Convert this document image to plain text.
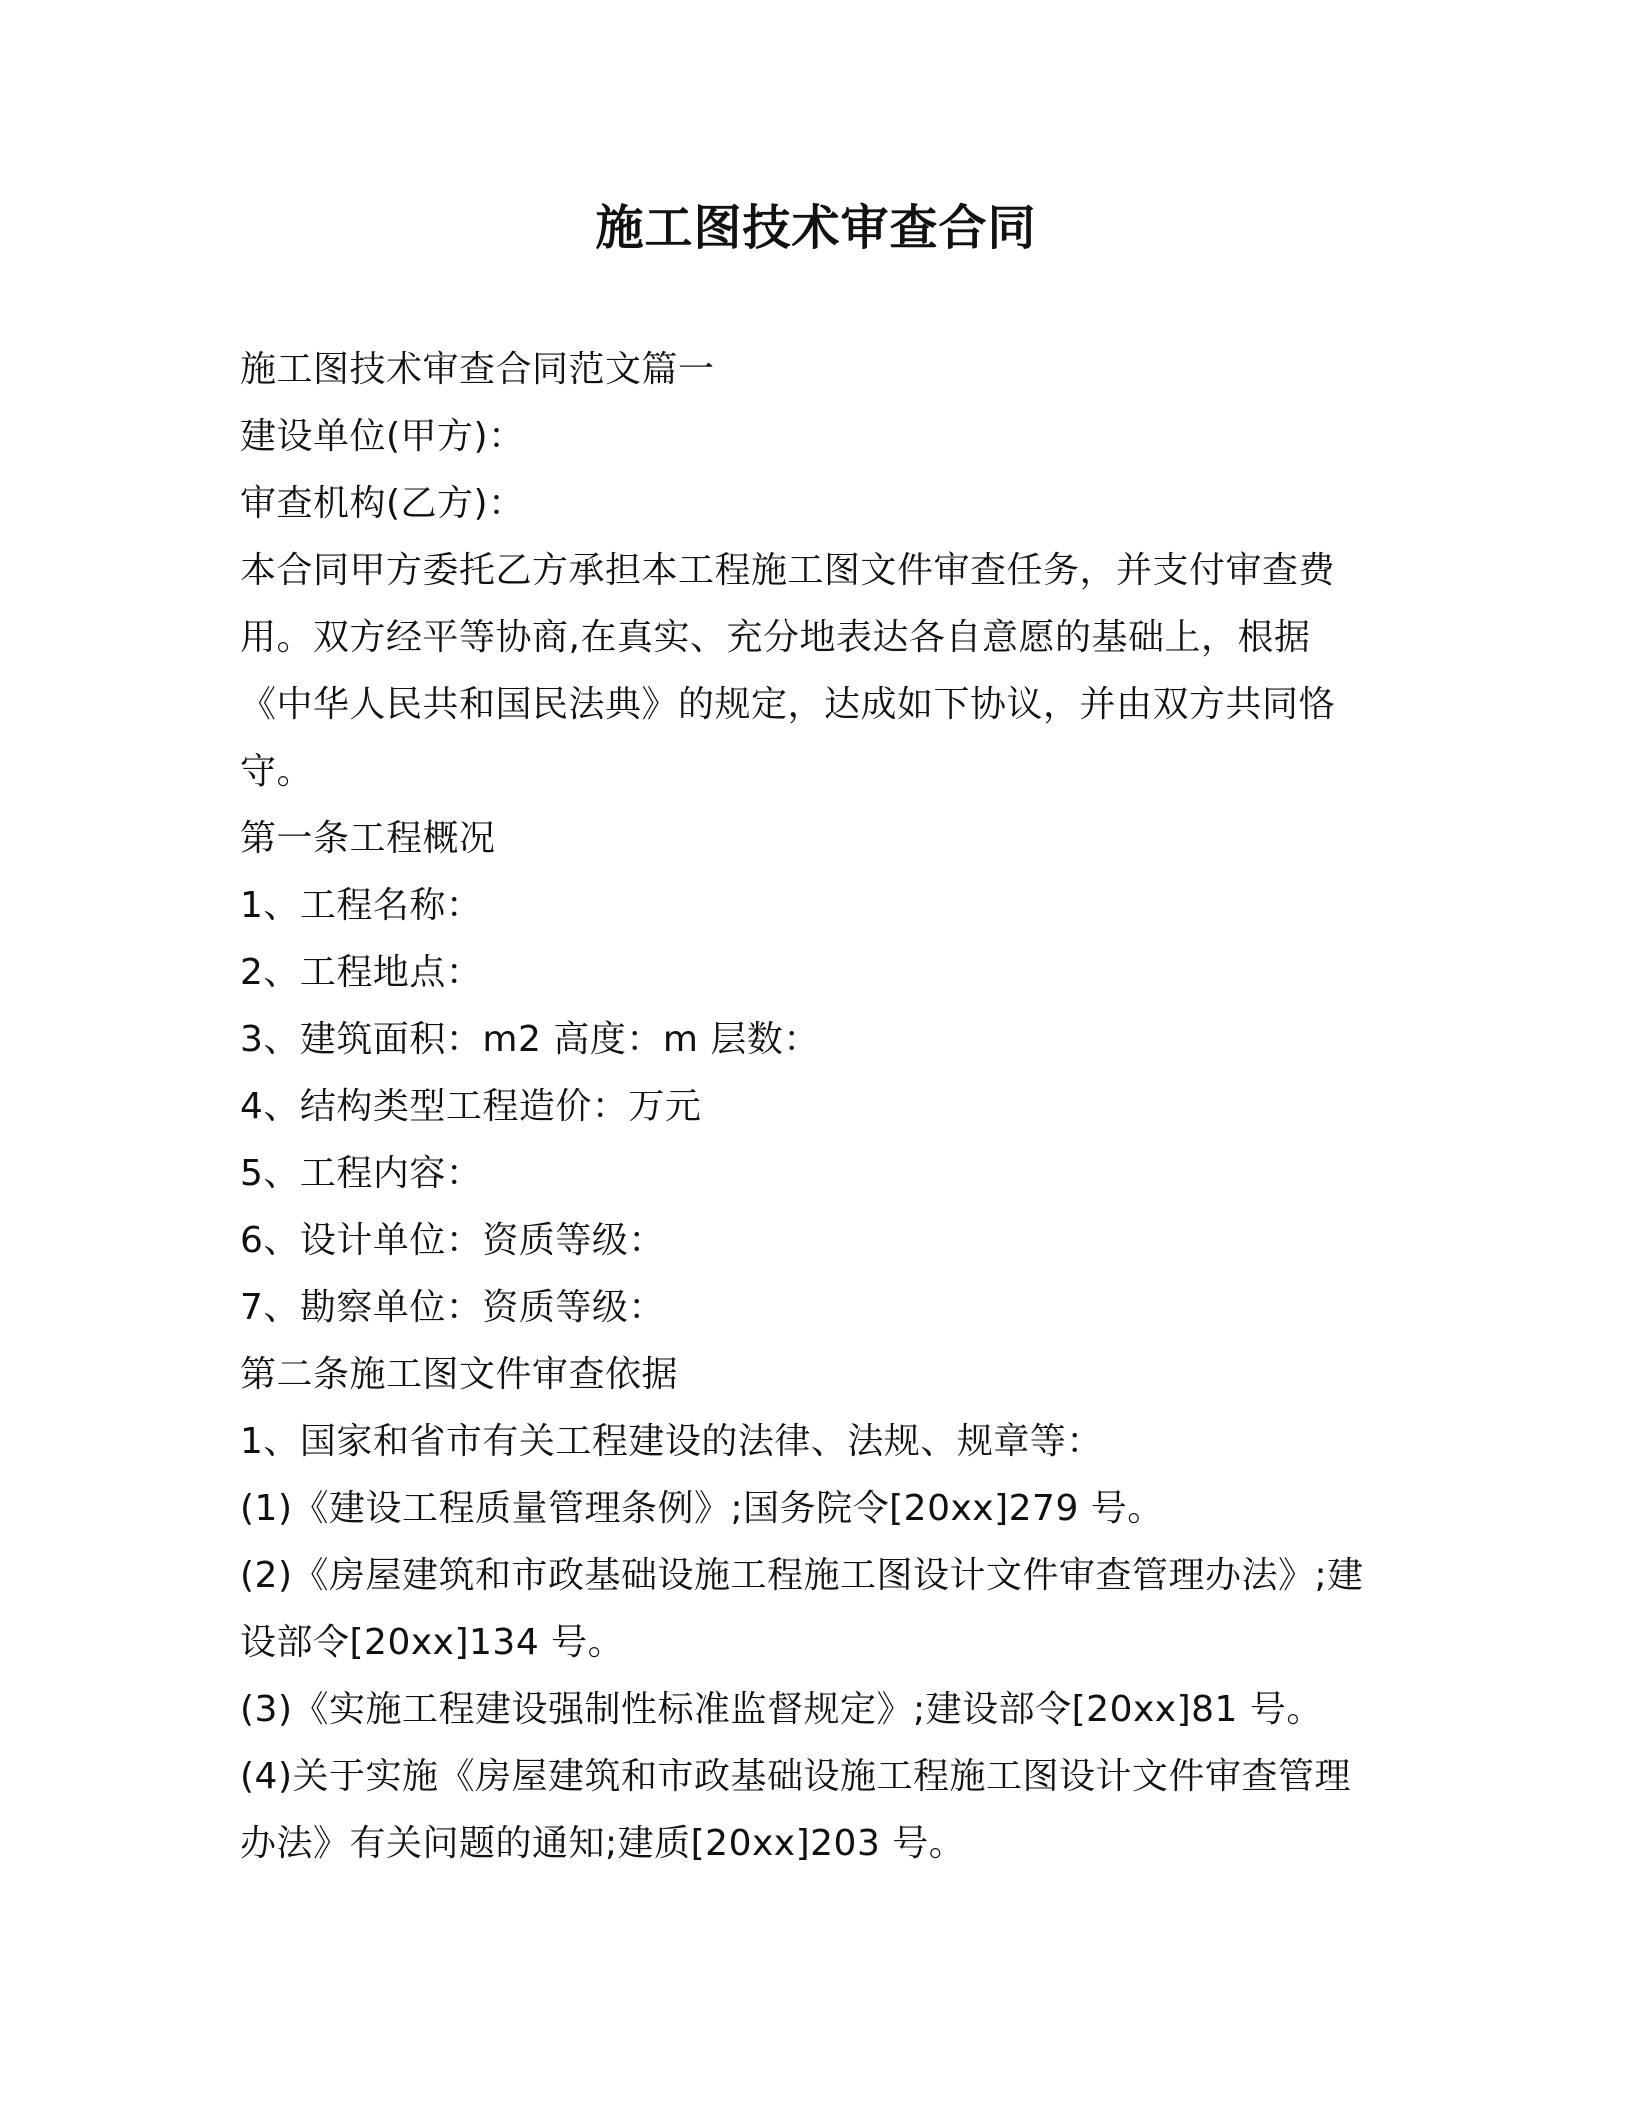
施工图技术审查合同
施工图技术审查合同范文篇一
建设单位(甲方)：
审查机构(乙方)：
本合同甲方委托乙方承担本工程施工图文件审查任务，并支付审查费
用。双方经平等协商,在真实、充分地表达各自意愿的基础上，根据
《中华人民共和国民法典》的规定，达成如下协议，并由双方共同恪
守。
第一条工程概况
1、工程名称：
2、工程地点：
3、建筑面积：m2 高度：m 层数：
4、结构类型工程造价：万元
5、工程内容：
6、设计单位：资质等级：
7、勘察单位：资质等级：
第二条施工图文件审查依据
1、国家和省市有关工程建设的法律、法规、规章等：
(1)《建设工程质量管理条例》;国务院令[20xx]279 号。
(2)《房屋建筑和市政基础设施工程施工图设计文件审查管理办法》;建
设部令[20xx]134 号。
(3)《实施工程建设强制性标准监督规定》;建设部令[20xx]81 号。
(4)关于实施《房屋建筑和市政基础设施工程施工图设计文件审查管理
办法》有关问题的通知;建质[20xx]203 号。
